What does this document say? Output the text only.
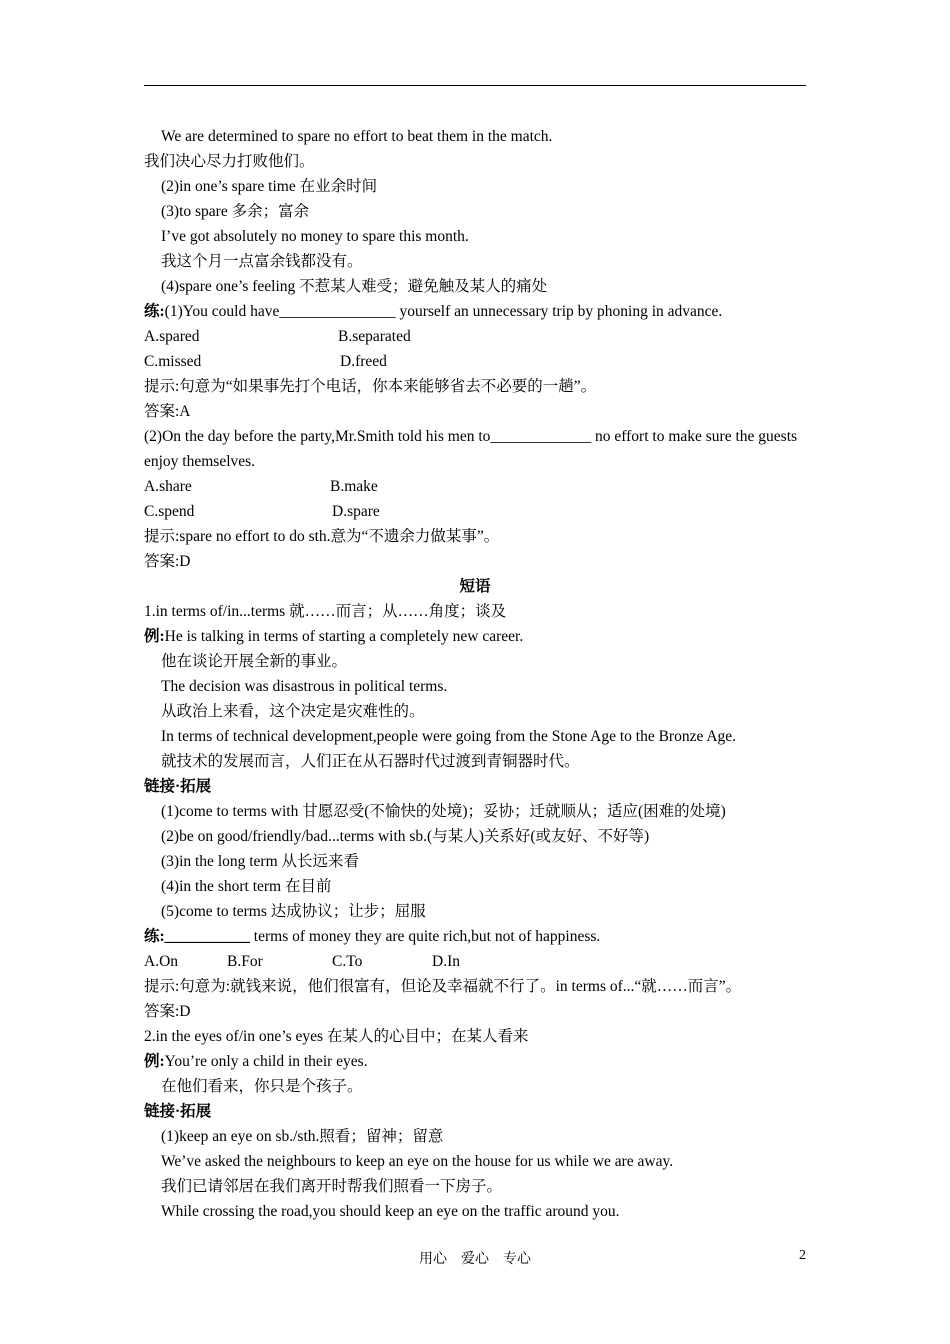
We are determined to spare no effort to beat them in the match.
我们决心尽力打败他们。
(2)in one’s spare time 在业余时间
(3)to spare 多余；富余
I’ve got absolutely no money to spare this month.
我这个月一点富余钱都没有。
(4)spare one’s feeling 不惹某人难受；避免触及某人的痛处
练:(1)You could have_______________ yourself an unnecessary trip by phoning in advance.
A.spared	B.separated
C.missed	D.freed
提示:句意为“如果事先打个电话，你本来能够省去不必要的一趟”。
答案:A
(2)On the day before the party,Mr.Smith told his men to_____________ no effort to make sure the guests enjoy themselves.
A.share	B.make
C.spend	D.spare
提示:spare no effort to do sth.意为“不遗余力做某事”。
答案:D
短语
1.in terms of/in...terms 就……而言；从……角度；谈及
例:He is talking in terms of starting a completely new career.
他在谈论开展全新的事业。
The decision was disastrous in political terms.
从政治上来看，这个决定是灾难性的。
In terms of technical development,people were going from the Stone Age to the Bronze Age.
就技术的发展而言，人们正在从石器时代过渡到青铜器时代。
链接·拓展
(1)come to terms with 甘愿忍受(不愉快的处境)；妥协；迁就顺从；适应(困难的处境)
(2)be on good/friendly/bad...terms with sb.(与某人)关系好(或友好、不好等)
(3)in the long term 从长远来看
(4)in the short term 在目前
(5)come to terms 达成协议；让步；屈服
练:___________ terms of money they are quite rich,but not of happiness.
A.On	B.For	C.To	D.In
提示:句意为:就钱来说，他们很富有，但论及幸福就不行了。in terms of...“就……而言”。
答案:D
2.in the eyes of/in one’s eyes 在某人的心目中；在某人看来
例:You’re only a child in their eyes.
在他们看来，你只是个孩子。
链接·拓展
(1)keep an eye on sb./sth.照看；留神；留意
We’ve asked the neighbours to keep an eye on the house for us while we are away.
我们已请邻居在我们离开时帮我们照看一下房子。
While crossing the road,you should keep an eye on the traffic around you.
用心　爱心　专心	2
